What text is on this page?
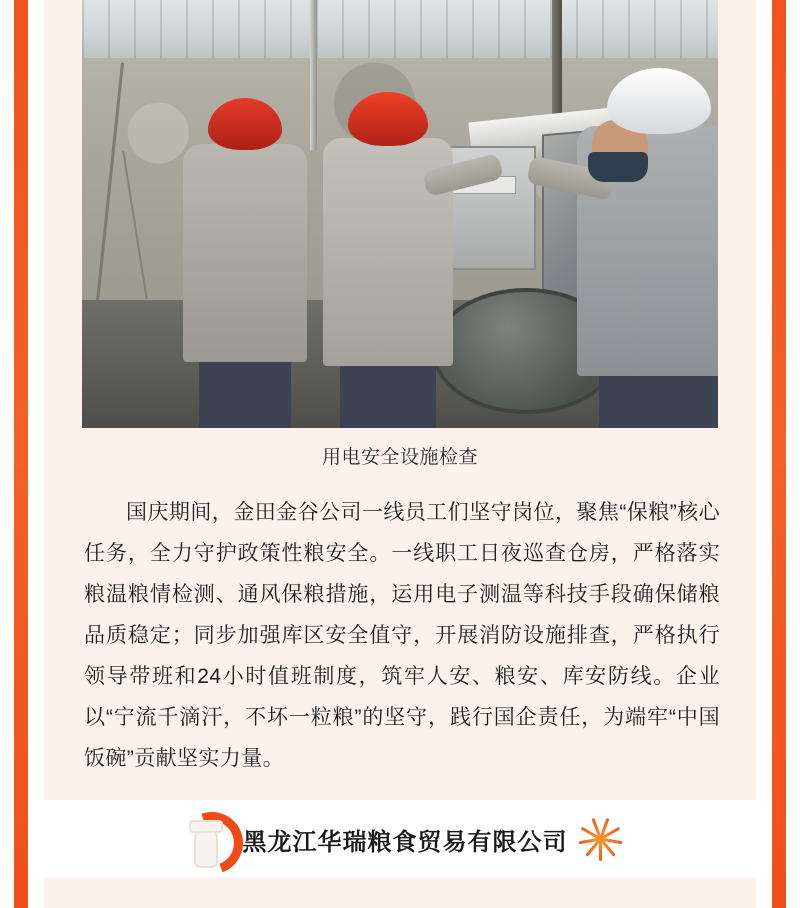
用电安全设施检查
国庆期间，金田金谷公司一线员工们坚守岗位，聚焦“保粮”核心任务，全力守护政策性粮安全。一线职工日夜巡查仓房，严格落实粮温粮情检测、通风保粮措施，运用电子测温等科技手段确保储粮品质稳定；同步加强库区安全值守，开展消防设施排查，严格执行领导带班和24小时值班制度，筑牢人安、粮安、库安防线。企业以“宁流千滴汗，不坏一粒粮”的坚守，践行国企责任，为端牢“中国饭碗”贡献坚实力量。
黑龙江华瑞粮食贸易有限公司
